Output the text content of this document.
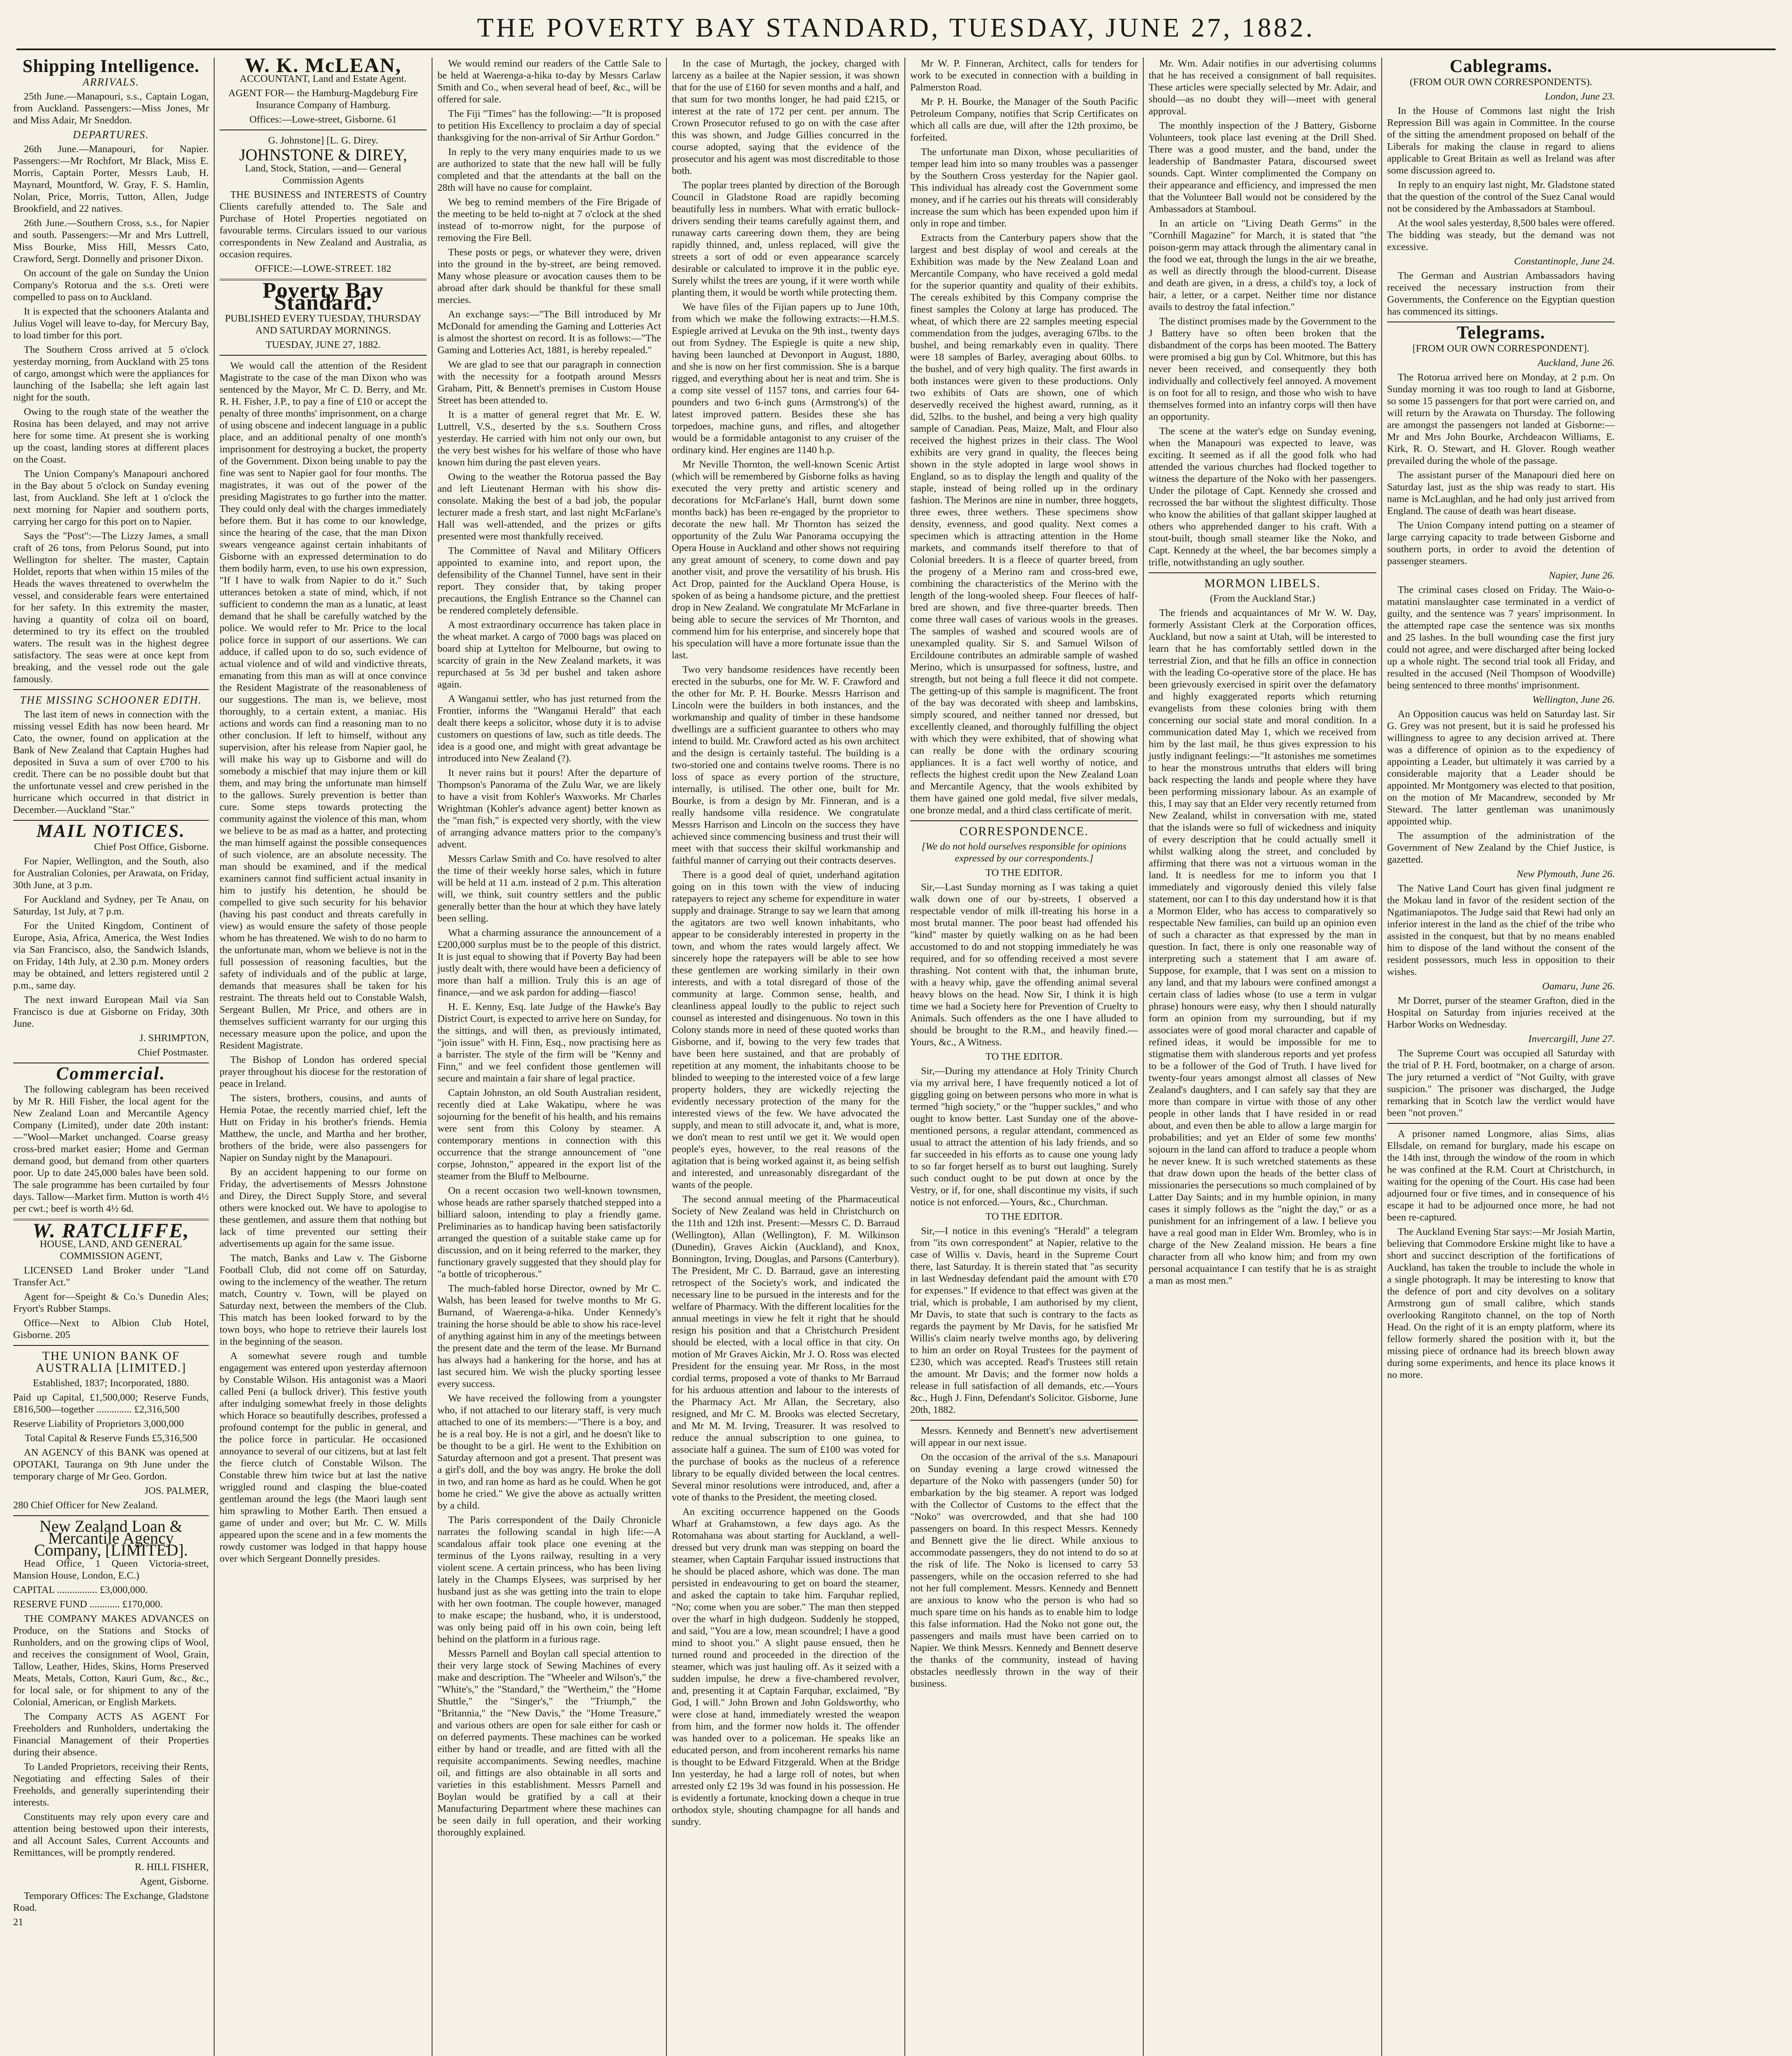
THE POVERTY BAY STANDARD, TUESDAY, JUNE 27, 1882.
Shipping Intelligence.
ARRIVALS.

25th June.—Manapouri, s.s., Captain Logan, from Auckland. Passengers:—Miss Jones, Mr and Miss Adair, Mr Sneddon.

DEPARTURES.

26th June.—Manapouri, for Napier. Passengers:—Mr Rochfort, Mr Black, Miss E. Morris, Captain Porter, Messrs Laub, H. Maynard, Mountford, W. Gray, F. S. Hamlin, Nolan, Price, Morris, Tutton, Allen, Judge Brookfield, and 22 natives.

26th June.—Southern Cross, s.s., for Napier and south. Passengers:—Mr and Mrs Luttrell, Miss Bourke, Miss Hill, Messrs Cato, Crawford, Sergt. Donnelly and prisoner Dixon.

On account of the gale on Sunday the Union Company's Rotorua and the s.s. Oreti were compelled to pass on to Auckland.

It is expected that the schooners Atalanta and Julius Vogel will leave to-day, for Mercury Bay, to load timber for this port.

The Southern Cross arrived at 5 o'clock yesterday morning, from Auckland with 25 tons of cargo, amongst which were the appliances for launching of the Isabella; she left again last night for the south.

Owing to the rough state of the weather the Rosina has been delayed, and may not arrive here for some time. At present she is working up the coast, landing stores at different places on the Coast.

The Union Company's Manapouri anchored in the Bay about 5 o'clock on Sunday evening last, from Auckland. She left at 1 o'clock the next morning for Napier and southern ports, carrying her cargo for this port on to Napier.

Says the "Post":—The Lizzy James, a small craft of 26 tons, from Pelorus Sound, put into Wellington for shelter. The master, Captain Holdet, reports that when within 15 miles of the Heads the waves threatened to overwhelm the vessel, and considerable fears were entertained for her safety. In this extremity the master, having a quantity of colza oil on board, determined to try its effect on the troubled waters. The result was in the highest degree satisfactory. The seas were at once kept from breaking, and the vessel rode out the gale famously.

THE MISSING SCHOONER EDITH.

The last item of news in connection with the missing vessel Edith has now been heard. Mr Cato, the owner, found on application at the Bank of New Zealand that Captain Hughes had deposited in Suva a sum of over £700 to his credit. There can be no possible doubt but that the unfortunate vessel and crew perished in the hurricane which occurred in that district in December.—Auckland "Star."

MAIL NOTICES.

Chief Post Office, Gisborne.

For Napier, Wellington, and the South, also for Australian Colonies, per Arawata, on Friday, 30th June, at 3 p.m.

For Auckland and Sydney, per Te Anau, on Saturday, 1st July, at 7 p.m.

For the United Kingdom, Continent of Europe, Asia, Africa, America, the West Indies via San Francisco, also, the Sandwich Islands, on Friday, 14th July, at 2.30 p.m. Money orders may be obtained, and letters registered until 2 p.m., same day.

The next inward European Mail via San Francisco is due at Gisborne on Friday, 30th June.

J. SHRIMPTON,

Chief Postmaster.

Commercial.

The following cablegram has been received by Mr R. Hill Fisher, the local agent for the New Zealand Loan and Mercantile Agency Company (Limited), under date 20th instant:—"Wool—Market unchanged. Coarse greasy cross-bred market easier; Home and German demand good, but demand from other quarters poor. Up to date 245,000 bales have been sold. The sale programme has been curtailed by four days. Tallow—Market firm. Mutton is worth 4½ per cwt.; beef is worth 4½ 6d.

W. RATCLIFFE,

HOUSE, LAND, AND GENERAL COMMISSION AGENT,

LICENSED Land Broker under "Land Transfer Act."

Agent for—Speight & Co.'s Dunedin Ales; Fryort's Rubber Stamps.

Office—Next to Albion Club Hotel, Gisborne. 205

THE UNION BANK OF AUSTRALIA [LIMITED.]

Established, 1837; Incorporated, 1880.

Paid up Capital, £1,500,000; Reserve Funds, £816,500—together .............. £2,316,500

Reserve Liability of Proprietors 3,000,000

Total Capital & Reserve Funds £5,316,500

AN AGENCY of this BANK was opened at OPOTAKI, Tauranga on 9th June under the temporary charge of Mr Geo. Gordon.

JOS. PALMER,

280 Chief Officer for New Zealand.

New Zealand Loan & Mercantile Agency Company, [LIMITED].

Head Office, 1 Queen Victoria-street, Mansion House, London, E.C.)

CAPITAL ................ £3,000,000.

RESERVE FUND ............ £170,000.

THE COMPANY MAKES ADVANCES on Produce, on the Stations and Stocks of Runholders, and on the growing clips of Wool, and receives the consignment of Wool, Grain, Tallow, Leather, Hides, Skins, Horns Preserved Meats, Metals, Cotton, Kauri Gum, &c., &c., for local sale, or for shipment to any of the Colonial, American, or English Markets.

The Company ACTS AS AGENT For Freeholders and Runholders, undertaking the Financial Management of their Properties during their absence.

To Landed Proprietors, receiving their Rents, Negotiating and effecting Sales of their Freeholds, and generally superintending their interests.

Constituents may rely upon every care and attention being bestowed upon their interests, and all Account Sales, Current Accounts and Remittances, will be promptly rendered.

R. HILL FISHER,

Agent, Gisborne.

Temporary Offices: The Exchange, Gladstone Road.

21

W. K. McLEAN,

ACCOUNTANT, Land and Estate Agent.

AGENT FOR— the Hamburg-Magdeburg Fire Insurance Company of Hamburg.

Offices:—Lowe-street, Gisborne. 61

G. Johnstone] [L. G. Direy.

JOHNSTONE & DIREY,

Land, Stock, Station, —and— General Commission Agents

THE BUSINESS and INTERESTS of Country Clients carefully attended to. The Sale and Purchase of Hotel Properties negotiated on favourable terms. Circulars issued to our various correspondents in New Zealand and Australia, as occasion requires.

OFFICE:—LOWE-STREET. 182

Poverty Bay Standard.

PUBLISHED EVERY TUESDAY, THURSDAY AND SATURDAY MORNINGS.

TUESDAY, JUNE 27, 1882.

We would call the attention of the Resident Magistrate to the case of the man Dixon who was sentenced by the Mayor, Mr C. D. Berry, and Mr. R. H. Fisher, J.P., to pay a fine of £10 or accept the penalty of three months' imprisonment, on a charge of using obscene and indecent language in a public place, and an additional penalty of one month's imprisonment for destroying a bucket, the property of the Government. Dixon being unable to pay the fine was sent to Napier gaol for four months. The magistrates, it was out of the power of the presiding Magistrates to go further into the matter. They could only deal with the charges immediately before them. But it has come to our knowledge, since the hearing of the case, that the man Dixon swears vengeance against certain inhabitants of Gisborne with an expressed determination to do them bodily harm, even, to use his own expression, "If I have to walk from Napier to do it." Such utterances betoken a state of mind, which, if not sufficient to condemn the man as a lunatic, at least demand that he shall be carefully watched by the police. We would refer to Mr. Price to the local police force in support of our assertions. We can adduce, if called upon to do so, such evidence of actual violence and of wild and vindictive threats, emanating from this man as will at once convince the Resident Magistrate of the reasonableness of our suggestions. The man is, we believe, most thoroughly, to a certain extent, a maniac. His actions and words can find a reasoning man to no other conclusion. If left to himself, without any supervision, after his release from Napier gaol, he will make his way up to Gisborne and will do somebody a mischief that may injure them or kill them, and may bring the unfortunate man himself to the gallows. Surely prevention is better than cure. Some steps towards protecting the community against the violence of this man, whom we believe to be as mad as a hatter, and protecting the man himself against the possible consequences of such violence, are an absolute necessity. The man should be examined, and if the medical examiners cannot find sufficient actual insanity in him to justify his detention, he should be compelled to give such security for his behavior (having his past conduct and threats carefully in view) as would ensure the safety of those people whom he has threatened. We wish to do no harm to the unfortunate man, whom we believe is not in the full possession of reasoning faculties, but the safety of individuals and of the public at large, demands that measures shall be taken for his restraint. The threats held out to Constable Walsh, Sergeant Bullen, Mr Price, and others are in themselves sufficient warranty for our urging this necessary measure upon the police, and upon the Resident Magistrate.

The Bishop of London has ordered special prayer throughout his diocese for the restoration of peace in Ireland.

The sisters, brothers, cousins, and aunts of Hemia Potae, the recently married chief, left the Hutt on Friday in his brother's friends. Hemia Matthew, the uncle, and Martha and her brother, brothers of the bride, were also passengers for Napier on Sunday night by the Manapouri.

By an accident happening to our forme on Friday, the advertisements of Messrs Johnstone and Direy, the Direct Supply Store, and several others were knocked out. We have to apologise to these gentlemen, and assure them that nothing but lack of time prevented our setting their advertisements up again for the same issue.

The match, Banks and Law v. The Gisborne Football Club, did not come off on Saturday, owing to the inclemency of the weather. The return match, Country v. Town, will be played on Saturday next, between the members of the Club. This match has been looked forward to by the town boys, who hope to retrieve their laurels lost in the beginning of the season.

A somewhat severe rough and tumble engagement was entered upon yesterday afternoon by Constable Wilson. His antagonist was a Maori called Peni (a bullock driver). This festive youth after indulging somewhat freely in those delights which Horace so beautifully describes, professed a profound contempt for the public in general, and the police force in particular. He occasioned annoyance to several of our citizens, but at last felt the fierce clutch of Constable Wilson. The Constable threw him twice but at last the native wriggled round and clasping the blue-coated gentleman around the legs (the Maori laugh sent him sprawling to Mother Earth. Then ensued a game of under and over; but Mr. C. W. Mills appeared upon the scene and in a few moments the rowdy customer was lodged in that happy house over which Sergeant Donnelly presides.

We would remind our readers of the Cattle Sale to be held at Waerenga-a-hika to-day by Messrs Carlaw Smith and Co., when several head of beef, &c., will be offered for sale.

The Fiji "Times" has the following:—"It is proposed to petition His Excellency to proclaim a day of special thanksgiving for the non-arrival of Sir Arthur Gordon."

In reply to the very many enquiries made to us we are authorized to state that the new hall will be fully completed and that the attendants at the ball on the 28th will have no cause for complaint.

We beg to remind members of the Fire Brigade of the meeting to be held to-night at 7 o'clock at the shed instead of to-morrow night, for the purpose of removing the Fire Bell.

These posts or pegs, or whatever they were, driven into the ground in the by-street, are being removed. Many whose pleasure or avocation causes them to be abroad after dark should be thankful for these small mercies.

An exchange says:—"The Bill introduced by Mr McDonald for amending the Gaming and Lotteries Act is almost the shortest on record. It is as follows:—"The Gaming and Lotteries Act, 1881, is hereby repealed."

We are glad to see that our paragraph in connection with the necessity for a footpath around Messrs Graham, Pitt, & Bennett's premises in Custom House Street has been attended to.

It is a matter of general regret that Mr. E. W. Luttrell, V.S., deserted by the s.s. Southern Cross yesterday. He carried with him not only our own, but the very best wishes for his welfare of those who have known him during the past eleven years.

Owing to the weather the Rotorua passed the Bay and left Lieutenant Herman with his show dis-consolate. Making the best of a bad job, the popular lecturer made a fresh start, and last night McFarlane's Hall was well-attended, and the prizes or gifts presented were most thankfully received.

The Committee of Naval and Military Officers appointed to examine into, and report upon, the defensibility of the Channel Tunnel, have sent in their report. They consider that, by taking proper precautions, the English Entrance so the Channel can be rendered completely defensible.

A most extraordinary occurrence has taken place in the wheat market. A cargo of 7000 bags was placed on board ship at Lyttelton for Melbourne, but owing to scarcity of grain in the New Zealand markets, it was repurchased at 5s 3d per bushel and taken ashore again.

A Wanganui settler, who has just returned from the Frontier, informs the "Wanganui Herald" that each dealt there keeps a solicitor, whose duty it is to advise customers on questions of law, such as title deeds. The idea is a good one, and might with great advantage be introduced into New Zealand (?).

It never rains but it pours! After the departure of Thompson's Panorama of the Zulu War, we are likely to have a visit from Kohler's Waxworks. Mr Charles Wrightman (Kohler's advance agent) better known as the "man fish," is expected very shortly, with the view of arranging advance matters prior to the company's advent.

Messrs Carlaw Smith and Co. have resolved to alter the time of their weekly horse sales, which in future will be held at 11 a.m. instead of 2 p.m. This alteration will, we think, suit country settlers and the public generally better than the hour at which they have lately been selling.

What a charming assurance the announcement of a £200,000 surplus must be to the people of this district. It is just equal to showing that if Poverty Bay had been justly dealt with, there would have been a deficiency of more than half a million. Truly this is an age of finance,—and we ask pardon for adding—fiasco!

H. E. Kenny, Esq. late Judge of the Hawke's Bay District Court, is expected to arrive here on Sunday, for the sittings, and will then, as previously intimated, "join issue" with H. Finn, Esq., now practising here as a barrister. The style of the firm will be "Kenny and Finn," and we feel confident those gentlemen will secure and maintain a fair share of legal practice.

Captain Johnston, an old South Australian resident, recently died at Lake Wakatipu, where he was sojourning for the benefit of his health, and his remains were sent from this Colony by steamer. A contemporary mentions in connection with this occurrence that the strange announcement of "one corpse, Johnston," appeared in the export list of the steamer from the Bluff to Melbourne.

On a recent occasion two well-known townsmen, whose heads are rather sparsely thatched stepped into a billiard saloon, intending to play a friendly game. Preliminaries as to handicap having been satisfactorily arranged the question of a suitable stake came up for discussion, and on it being referred to the marker, they functionary gravely suggested that they should play for "a bottle of tricopherous."

The much-fabled horse Director, owned by Mr C. Walsh, has been leased for twelve months to Mr G. Burnand, of Waerenga-a-hika. Under Kennedy's training the horse should be able to show his race-level of anything against him in any of the meetings between the present date and the term of the lease. Mr Burnand has always had a hankering for the horse, and has at last secured him. We wish the plucky sporting lessee every success.

We have received the following from a youngster who, if not attached to our literary staff, is very much attached to one of its members:—"There is a boy, and he is a real boy. He is not a girl, and he doesn't like to be thought to be a girl. He went to the Exhibition on Saturday afternoon and got a present. That present was a girl's doll, and the boy was angry. He broke the doll in two, and ran home as hard as he could. When he got home he cried." We give the above as actually written by a child.

The Paris correspondent of the Daily Chronicle narrates the following scandal in high life:—A scandalous affair took place one evening at the terminus of the Lyons railway, resulting in a very violent scene. A certain princess, who has been living lately in the Champs Elysees, was surprised by her husband just as she was getting into the train to elope with her own footman. The couple however, managed to make escape; the husband, who, it is understood, was only being paid off in his own coin, being left behind on the platform in a furious rage.

Messrs Parnell and Boylan call special attention to their very large stock of Sewing Machines of every make and description. The "Wheeler and Wilson's," the "White's," the "Standard," the "Wertheim," the "Home Shuttle," the "Singer's," the "Triumph," the "Britannia," the "New Davis," the "Home Treasure," and various others are open for sale either for cash or on deferred payments. These machines can be worked either by hand or treadle, and are fitted with all the requisite accompaniments. Sewing needles, machine oil, and fittings are also obtainable in all sorts and varieties in this establishment. Messrs Parnell and Boylan would be gratified by a call at their Manufacturing Department where these machines can be seen daily in full operation, and their working thoroughly explained.

In the case of Murtagh, the jockey, charged with larceny as a bailee at the Napier session, it was shown that for the use of £160 for seven months and a half, and that sum for two months longer, he had paid £215, or interest at the rate of 172 per cent. per annum. The Crown Prosecutor refused to go on with the case after this was shown, and Judge Gillies concurred in the course adopted, saying that the evidence of the prosecutor and his agent was most discreditable to those both.

The poplar trees planted by direction of the Borough Council in Gladstone Road are rapidly becoming beautifully less in numbers. What with erratic bullock-drivers sending their teams carefully against them, and runaway carts careering down them, they are being rapidly thinned, and, unless replaced, will give the streets a sort of odd or even appearance scarcely desirable or calculated to improve it in the public eye. Surely whilst the trees are young, if it were worth while planting them, it would be worth while protecting them.

We have files of the Fijian papers up to June 10th, from which we make the following extracts:—H.M.S. Espiegle arrived at Levuka on the 9th inst., twenty days out from Sydney. The Espiegle is quite a new ship, having been launched at Devonport in August, 1880, and she is now on her first commission. She is a barque rigged, and everything about her is neat and trim. She is a comp site vessel of 1157 tons, and carries four 64-pounders and two 6-inch guns (Armstrong's) of the latest improved pattern. Besides these she has torpedoes, machine guns, and rifles, and altogether would be a formidable antagonist to any cruiser of the ordinary kind. Her engines are 1140 h.p.

Mr Neville Thornton, the well-known Scenic Artist (which will be remembered by Gisborne folks as having executed the very pretty and artistic scenery and decorations for McFarlane's Hall, burnt down some months back) has been re-engaged by the proprietor to decorate the new hall. Mr Thornton has seized the opportunity of the Zulu War Panorama occupying the Opera House in Auckland and other shows not requiring any great amount of scenery, to come down and pay another visit, and prove the versatility of his brush. His Act Drop, painted for the Auckland Opera House, is spoken of as being a handsome picture, and the prettiest drop in New Zealand. We congratulate Mr McFarlane in being able to secure the services of Mr Thornton, and commend him for his enterprise, and sincerely hope that his speculation will have a more fortunate issue than the last.

Two very handsome residences have recently been erected in the suburbs, one for Mr. W. F. Crawford and the other for Mr. P. H. Bourke. Messrs Harrison and Lincoln were the builders in both instances, and the workmanship and quality of timber in these handsome dwellings are a sufficient guarantee to others who may intend to build. Mr. Crawford acted as his own architect and the design is certainly tasteful. The building is a two-storied one and contains twelve rooms. There is no loss of space as every portion of the structure, internally, is utilised. The other one, built for Mr. Bourke, is from a design by Mr. Finneran, and is a really handsome villa residence. We congratulate Messrs Harrison and Lincoln on the success they have achieved since commencing business and trust their will meet with that success their skilful workmanship and faithful manner of carrying out their contracts deserves.

There is a good deal of quiet, underhand agitation going on in this town with the view of inducing ratepayers to reject any scheme for expenditure in water supply and drainage. Strange to say we learn that among the agitators are two well known inhabitants, who appear to be considerably interested in property in the town, and whom the rates would largely affect. We sincerely hope the ratepayers will be able to see how these gentlemen are working similarly in their own interests, and with a total disregard of those of the community at large. Common sense, health, and cleanliness appeal loudly to the public to reject such counsel as interested and disingenuous. No town in this Colony stands more in need of these quoted works than Gisborne, and if, bowing to the very few trades that have been here sustained, and that are probably of repetition at any moment, the inhabitants choose to be blinded to weeping to the interested voice of a few large property holders, they are wickedly rejecting the evidently necessary protection of the many for the interested views of the few. We have advocated the supply, and mean to still advocate it, and, what is more, we don't mean to rest until we get it. We would open people's eyes, however, to the real reasons of the agitation that is being worked against it, as being selfish and interested, and unreasonably disregardant of the wants of the people.

The second annual meeting of the Pharmaceutical Society of New Zealand was held in Christchurch on the 11th and 12th inst. Present:—Messrs C. D. Barraud (Wellington), Allan (Wellington), F. M. Wilkinson (Dunedin), Graves Aickin (Auckland), and Knox, Bonnington, Irving, Douglas, and Parsons (Canterbury). The President, Mr C. D. Barraud, gave an interesting retrospect of the Society's work, and indicated the necessary line to be pursued in the interests and for the welfare of Pharmacy. With the different localities for the annual meetings in view he felt it right that he should resign his position and that a Christchurch President should be elected, with a local office in that city. On motion of Mr Graves Aickin, Mr J. O. Ross was elected President for the ensuing year. Mr Ross, in the most cordial terms, proposed a vote of thanks to Mr Barraud for his arduous attention and labour to the interests of the Pharmacy Act. Mr Allan, the Secretary, also resigned, and Mr C. M. Brooks was elected Secretary, and Mr M. M. Irving, Treasurer. It was resolved to reduce the annual subscription to one guinea, to associate half a guinea. The sum of £100 was voted for the purchase of books as the nucleus of a reference library to be equally divided between the local centres. Several minor resolutions were introduced, and, after a vote of thanks to the President, the meeting closed.

An exciting occurrence happened on the Goods Wharf at Grahamstown, a few days ago. As the Rotomahana was about starting for Auckland, a well-dressed but very drunk man was stepping on board the steamer, when Captain Farquhar issued instructions that he should be placed ashore, which was done. The man persisted in endeavouring to get on board the steamer, and asked the captain to take him. Farquhar replied, "No; come when you are sober." The man then stepped over the wharf in high dudgeon. Suddenly he stopped, and said, "You are a low, mean scoundrel; I have a good mind to shoot you." A slight pause ensued, then he turned round and proceeded in the direction of the steamer, which was just hauling off. As it seized with a sudden impulse, he drew a five-chambered revolver, and, presenting it at Captain Farquhar, exclaimed, "By God, I will." John Brown and John Goldsworthy, who were close at hand, immediately wrested the weapon from him, and the former now holds it. The offender was handed over to a policeman. He speaks like an educated person, and from incoherent remarks his name is thought to be Edward Fitzgerald. When at the Bridge Inn yesterday, he had a large roll of notes, but when arrested only £2 19s 3d was found in his possession. He is evidently a fortunate, knocking down a cheque in true orthodox style, shouting champagne for all hands and sundry.

Mr W. P. Finneran, Architect, calls for tenders for work to be executed in connection with a building in Palmerston Road.

Mr P. H. Bourke, the Manager of the South Pacific Petroleum Company, notifies that Scrip Certificates on which all calls are due, will after the 12th proximo, be forfeited.

The unfortunate man Dixon, whose peculiarities of temper lead him into so many troubles was a passenger by the Southern Cross yesterday for the Napier gaol. This individual has already cost the Government some money, and if he carries out his threats will considerably increase the sum which has been expended upon him if only in rope and timber.

Extracts from the Canterbury papers show that the largest and best display of wool and cereals at the Exhibition was made by the New Zealand Loan and Mercantile Company, who have received a gold medal for the superior quantity and quality of their exhibits. The cereals exhibited by this Company comprise the finest samples the Colony at large has produced. The wheat, of which there are 22 samples meeting especial commendation from the judges, averaging 67lbs. to the bushel, and being remarkably even in quality. There were 18 samples of Barley, averaging about 60lbs. to the bushel, and of very high quality. The first awards in both instances were given to these productions. Only two exhibits of Oats are shown, one of which deservedly received the highest award, running, as it did, 52lbs. to the bushel, and being a very high quality sample of Canadian. Peas, Maize, Malt, and Flour also received the highest prizes in their class. The Wool exhibits are very grand in quality, the fleeces being shown in the style adopted in large wool shows in England, so as to display the length and quality of the staple, instead of being rolled up in the ordinary fashion. The Merinos are nine in number, three hoggets, three ewes, three wethers. These specimens show density, evenness, and good quality. Next comes a specimen which is attracting attention in the Home markets, and commands itself therefore to that of Colonial breeders. It is a fleece of quarter breed, from the progeny of a Merino ram and cross-bred ewe, combining the characteristics of the Merino with the length of the long-wooled sheep. Four fleeces of half-bred are shown, and five three-quarter breeds. Then come three wall cases of various wools in the greases. The samples of washed and scoured wools are of unexampled quality. Sir S. and Samuel Wilson of Ercildoune contributes an admirable sample of washed Merino, which is unsurpassed for softness, lustre, and strength, but not being a full fleece it did not compete. The getting-up of this sample is magnificent. The front of the bay was decorated with sheep and lambskins, simply scoured, and neither tanned nor dressed, but excellently cleaned, and thoroughly fulfilling the object with which they were exhibited, that of showing what can really be done with the ordinary scouring appliances. It is a fact well worthy of notice, and reflects the highest credit upon the New Zealand Loan and Mercantile Agency, that the wools exhibited by them have gained one gold medal, five silver medals, one bronze medal, and a third class certificate of merit.

CORRESPONDENCE.

[We do not hold ourselves responsible for opinions expressed by our correspondents.]

TO THE EDITOR.

Sir,—Last Sunday morning as I was taking a quiet walk down one of our by-streets, I observed a respectable vendor of milk ill-treating his horse in a most brutal manner. The poor beast had offended his "kind" master by quietly walking on as he had been accustomed to do and not stopping immediately he was required, and for so offending received a most severe thrashing. Not content with that, the inhuman brute, with a heavy whip, gave the offending animal several heavy blows on the head. Now Sir, I think it is high time we had a Society here for Prevention of Cruelty to Animals. Such offenders as the one I have alluded to should be brought to the R.M., and heavily fined.—Yours, &c., A Witness.

TO THE EDITOR.

Sir,—During my attendance at Holy Trinity Church via my arrival here, I have frequently noticed a lot of giggling going on between persons who more in what is termed "high society," or the "hupper suckles," and who ought to know better. Last Sunday one of the above-mentioned persons, a regular attendant, commenced as usual to attract the attention of his lady friends, and so far succeeded in his efforts as to cause one young lady to so far forget herself as to burst out laughing. Surely such conduct ought to be put down at once by the Vestry, or if, for one, shall discontinue my visits, if such notice is not enforced.—Yours, &c., Churchman.

TO THE EDITOR.

Sir,—I notice in this evening's "Herald" a telegram from "its own correspondent" at Napier, relative to the case of Willis v. Davis, heard in the Supreme Court there, last Saturday. It is therein stated that "as security in last Wednesday defendant paid the amount with £70 for expenses." If evidence to that effect was given at the trial, which is probable, I am authorised by my client, Mr Davis, to state that such is contrary to the facts as regards the payment by Mr Davis, for he satisfied Mr Willis's claim nearly twelve months ago, by delivering to him an order on Royal Trustees for the payment of £230, which was accepted. Read's Trustees still retain the amount. Mr Davis; and the former now holds a release in full satisfaction of all demands, etc.—Yours &c., Hugh J. Finn, Defendant's Solicitor. Gisborne, June 20th, 1882.

Messrs. Kennedy and Bennett's new advertisement will appear in our next issue.

On the occasion of the arrival of the s.s. Manapouri on Sunday evening a large crowd witnessed the departure of the Noko with passengers (under 50) for embarkation by the big steamer. A report was lodged with the Collector of Customs to the effect that the "Noko" was overcrowded, and that she had 100 passengers on board. In this respect Messrs. Kennedy and Bennett give the lie direct. While anxious to accommodate passengers, they do not intend to do so at the risk of life. The Noko is licensed to carry 53 passengers, while on the occasion referred to she had not her full complement. Messrs. Kennedy and Bennett are anxious to know who the person is who had so much spare time on his hands as to enable him to lodge this false information. Had the Noko not gone out, the passengers and mails must have been carried on to Napier. We think Messrs. Kennedy and Bennett deserve the thanks of the community, instead of having obstacles needlessly thrown in the way of their business.

Mr. Wm. Adair notifies in our advertising columns that he has received a consignment of ball requisites. These articles were specially selected by Mr. Adair, and should—as no doubt they will—meet with general approval.

The monthly inspection of the J Battery, Gisborne Volunteers, took place last evening at the Drill Shed. There was a good muster, and the band, under the leadership of Bandmaster Patara, discoursed sweet sounds. Capt. Winter complimented the Company on their appearance and efficiency, and impressed the men that the Volunteer Ball would not be considered by the Ambassadors at Stamboul.

In an article on "Living Death Germs" in the "Cornhill Magazine" for March, it is stated that "the poison-germ may attack through the alimentary canal in the food we eat, through the lungs in the air we breathe, as well as directly through the blood-current. Disease and death are given, in a dress, a child's toy, a lock of hair, a letter, or a carpet. Neither time nor distance avails to destroy the fatal infection."

The distinct promises made by the Government to the J Battery have so often been broken that the disbandment of the corps has been mooted. The Battery were promised a big gun by Col. Whitmore, but this has never been received, and consequently they both individually and collectively feel annoyed. A movement is on foot for all to resign, and those who wish to have themselves formed into an infantry corps will then have an opportunity.

The scene at the water's edge on Sunday evening, when the Manapouri was expected to leave, was exciting. It seemed as if all the good folk who had attended the various churches had flocked together to witness the departure of the Noko with her passengers. Under the pilotage of Capt. Kennedy she crossed and recrossed the bar without the slightest difficulty. Those who know the abilities of that gallant skipper laughed at others who apprehended danger to his craft. With a stout-built, though small steamer like the Noko, and Capt. Kennedy at the wheel, the bar becomes simply a trifle, notwithstanding an ugly souther.

MORMON LIBELS.

(From the Auckland Star.)

The friends and acquaintances of Mr W. W. Day, formerly Assistant Clerk at the Corporation offices, Auckland, but now a saint at Utah, will be interested to learn that he has comfortably settled down in the terrestrial Zion, and that he fills an office in connection with the leading Co-operative store of the place. He has been grievously exercised in spirit over the defamatory and highly exaggerated reports which returning evangelists from these colonies bring with them concerning our social state and moral condition. In a communication dated May 1, which we received from him by the last mail, he thus gives expression to his justly indignant feelings:—"It astonishes me sometimes to hear the monstrous untruths that elders will bring back respecting the lands and people where they have been performing missionary labour. As an example of this, I may say that an Elder very recently returned from New Zealand, whilst in conversation with me, stated that the islands were so full of wickedness and iniquity of every description that he could actually smell it whilst walking along the street, and concluded by affirming that there was not a virtuous woman in the land. It is needless for me to inform you that I immediately and vigorously denied this vilely false statement, nor can I to this day understand how it is that a Mormon Elder, who has access to comparatively so respectable New families, can build up an opinion even of such a character as that expressed by the man in question. In fact, there is only one reasonable way of interpreting such a statement that I am aware of. Suppose, for example, that I was sent on a mission to any land, and that my labours were confined amongst a certain class of ladies whose (to use a term in vulgar phrase) honours were easy, why then I should naturally form an opinion from my surrounding, but if my associates were of good moral character and capable of refined ideas, it would be impossible for me to stigmatise them with slanderous reports and yet profess to be a follower of the God of Truth. I have lived for twenty-four years amongst almost all classes of New Zealand's daughters, and I can safely say that they are more than compare in virtue with those of any other people in other lands that I have resided in or read about, and even then be able to allow a large margin for probabilities; and yet an Elder of some few months' sojourn in the land can afford to traduce a people whom he never knew. It is such wretched statements as these that draw down upon the heads of the better class of missionaries the persecutions so much complained of by Latter Day Saints; and in my humble opinion, in many cases it simply follows as the "night the day," or as a punishment for an infringement of a law. I believe you have a real good man in Elder Wm. Bromley, who is in charge of the New Zealand mission. He bears a fine character from all who know him; and from my own personal acquaintance I can testify that he is as straight a man as most men."

Cablegrams.

(FROM OUR OWN CORRESPONDENTS).

London, June 23.

In the House of Commons last night the Irish Repression Bill was again in Committee. In the course of the sitting the amendment proposed on behalf of the Liberals for making the clause in regard to aliens applicable to Great Britain as well as Ireland was after some discussion agreed to.

In reply to an enquiry last night, Mr. Gladstone stated that the question of the control of the Suez Canal would not be considered by the Ambassadors at Stamboul.

At the wool sales yesterday, 8,500 bales were offered. The bidding was steady, but the demand was not excessive.

Constantinople, June 24.

The German and Austrian Ambassadors having received the necessary instruction from their Governments, the Conference on the Egyptian question has commenced its sittings.

Telegrams.

[FROM OUR OWN CORRESPONDENT].

Auckland, June 26.

The Rotorua arrived here on Monday, at 2 p.m. On Sunday morning it was too rough to land at Gisborne, so some 15 passengers for that port were carried on, and will return by the Arawata on Thursday. The following are amongst the passengers not landed at Gisborne:—Mr and Mrs John Bourke, Archdeacon Williams, E. Kirk, R. O. Stewart, and H. Glover. Rough weather prevailed during the whole of the passage.

The assistant purser of the Manapouri died here on Saturday last, just as the ship was ready to start. His name is McLaughlan, and he had only just arrived from England. The cause of death was heart disease.

The Union Company intend putting on a steamer of large carrying capacity to trade between Gisborne and southern ports, in order to avoid the detention of passenger steamers.

Napier, June 26.

The criminal cases closed on Friday. The Waio-o-matatini manslaughter case terminated in a verdict of guilty, and the sentence was 7 years' imprisonment. In the attempted rape case the sentence was six months and 25 lashes. In the bull wounding case the first jury could not agree, and were discharged after being locked up a whole night. The second trial took all Friday, and resulted in the accused (Neil Thompson of Woodville) being sentenced to three months' imprisonment.

Wellington, June 26.

An Opposition caucus was held on Saturday last. Sir G. Grey was not present, but it is said he professed his willingness to agree to any decision arrived at. There was a difference of opinion as to the expediency of appointing a Leader, but ultimately it was carried by a considerable majority that a Leader should be appointed. Mr Montgomery was elected to that position, on the motion of Mr Macandrew, seconded by Mr Steward. The latter gentleman was unanimously appointed whip.

The assumption of the administration of the Government of New Zealand by the Chief Justice, is gazetted.

New Plymouth, June 26.

The Native Land Court has given final judgment re the Mokau land in favor of the resident section of the Ngatimaniapotos. The Judge said that Rewi had only an inferior interest in the land as the chief of the tribe who assisted in the conquest, but that by no means enabled him to dispose of the land without the consent of the resident possessors, much less in opposition to their wishes.

Oamaru, June 26.

Mr Dorret, purser of the steamer Grafton, died in the Hospital on Saturday from injuries received at the Harbor Works on Wednesday.

Invercargill, June 27.

The Supreme Court was occupied all Saturday with the trial of P. H. Ford, bootmaker, on a charge of arson. The jury returned a verdict of "Not Guilty, with grave suspicion." The prisoner was discharged, the Judge remarking that in Scotch law the verdict would have been "not proven."

A prisoner named Longmore, alias Sims, alias Ellsdale, on remand for burglary, made his escape on the 14th inst, through the window of the room in which he was confined at the R.M. Court at Christchurch, in waiting for the opening of the Court. His case had been adjourned four or five times, and in consequence of his escape it had to be adjourned once more, he had not been re-captured.

The Auckland Evening Star says:—Mr Josiah Martin, believing that Commodore Erskine might like to have a short and succinct description of the fortifications of Auckland, has taken the trouble to include the whole in a single photograph. It may be interesting to know that the defence of port and city devolves on a solitary Armstrong gun of small calibre, which stands overlooking Rangitoto channel, on the top of North Head. On the right of it is an empty platform, where its fellow formerly shared the position with it, but the missing piece of ordnance had its breech blown away during some experiments, and hence its place knows it no more.
